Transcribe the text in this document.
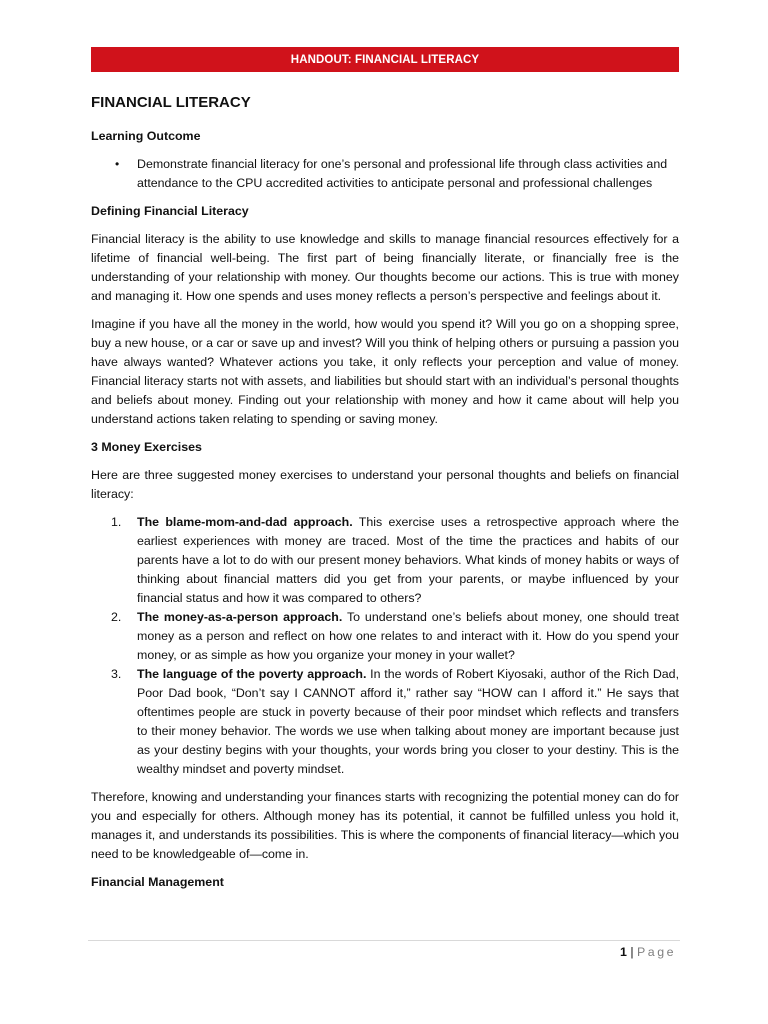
HANDOUT: FINANCIAL LITERACY
FINANCIAL LITERACY
Learning Outcome
• Demonstrate financial literacy for one’s personal and professional life through class activities and attendance to the CPU accredited activities to anticipate personal and professional challenges
Defining Financial Literacy

Financial literacy is the ability to use knowledge and skills to manage financial resources effectively for a lifetime of financial well-being. The first part of being financially literate, or financially free is the understanding of your relationship with money. Our thoughts become our actions. This is true with money and managing it. How one spends and uses money reflects a person’s perspective and feelings about it.

Imagine if you have all the money in the world, how would you spend it? Will you go on a shopping spree, buy a new house, or a car or save up and invest? Will you think of helping others or pursuing a passion you have always wanted? Whatever actions you take, it only reflects your perception and value of money. Financial literacy starts not with assets, and liabilities but should start with an individual’s personal thoughts and beliefs about money. Finding out your relationship with money and how it came about will help you understand actions taken relating to spending or saving money.

3 Money Exercises

Here are three suggested money exercises to understand your personal thoughts and beliefs on financial literacy:

1. The blame-mom-and-dad approach. This exercise uses a retrospective approach where the earliest experiences with money are traced. Most of the time the practices and habits of our parents have a lot to do with our present money behaviors. What kinds of money habits or ways of thinking about financial matters did you get from your parents, or maybe influenced by your financial status and how it was compared to others?
2. The money-as-a-person approach. To understand one’s beliefs about money, one should treat money as a person and reflect on how one relates to and interact with it. How do you spend your money, or as simple as how you organize your money in your wallet?
3. The language of the poverty approach. In the words of Robert Kiyosaki, author of the Rich Dad, Poor Dad book, “Don’t say I CANNOT afford it,” rather say “HOW can I afford it.” He says that oftentimes people are stuck in poverty because of their poor mindset which reflects and transfers to their money behavior. The words we use when talking about money are important because just as your destiny begins with your thoughts, your words bring you closer to your destiny. This is the wealthy mindset and poverty mindset.

Therefore, knowing and understanding your finances starts with recognizing the potential money can do for you and especially for others. Although money has its potential, it cannot be fulfilled unless you hold it, manages it, and understands its possibilities. This is where the components of financial literacy—which you need to be knowledgeable of—come in.

Financial Management
1 | Page
